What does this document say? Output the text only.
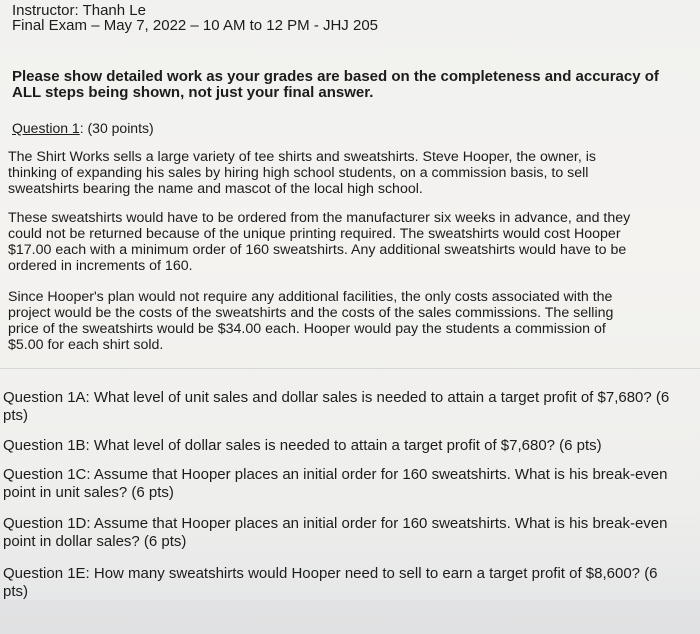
Instructor: Thanh Le
Final Exam – May 7, 2022 – 10 AM to 12 PM - JHJ 205
Please show detailed work as your grades are based on the completeness and accuracy of
ALL steps being shown, not just your final answer.
Question 1: (30 points)
The Shirt Works sells a large variety of tee shirts and sweatshirts. Steve Hooper, the owner, is
thinking of expanding his sales by hiring high school students, on a commission basis, to sell
sweatshirts bearing the name and mascot of the local high school.
These sweatshirts would have to be ordered from the manufacturer six weeks in advance, and they
could not be returned because of the unique printing required. The sweatshirts would cost Hooper
$17.00 each with a minimum order of 160 sweatshirts. Any additional sweatshirts would have to be
ordered in increments of 160.
Since Hooper's plan would not require any additional facilities, the only costs associated with the
project would be the costs of the sweatshirts and the costs of the sales commissions. The selling
price of the sweatshirts would be $34.00 each. Hooper would pay the students a commission of
$5.00 for each shirt sold.
Question 1A: What level of unit sales and dollar sales is needed to attain a target profit of $7,680? (6
pts)
Question 1B: What level of dollar sales is needed to attain a target profit of $7,680? (6 pts)
Question 1C: Assume that Hooper places an initial order for 160 sweatshirts. What is his break-even
point in unit sales? (6 pts)
Question 1D: Assume that Hooper places an initial order for 160 sweatshirts. What is his break-even
point in dollar sales? (6 pts)
Question 1E: How many sweatshirts would Hooper need to sell to earn a target profit of $8,600? (6
pts)
